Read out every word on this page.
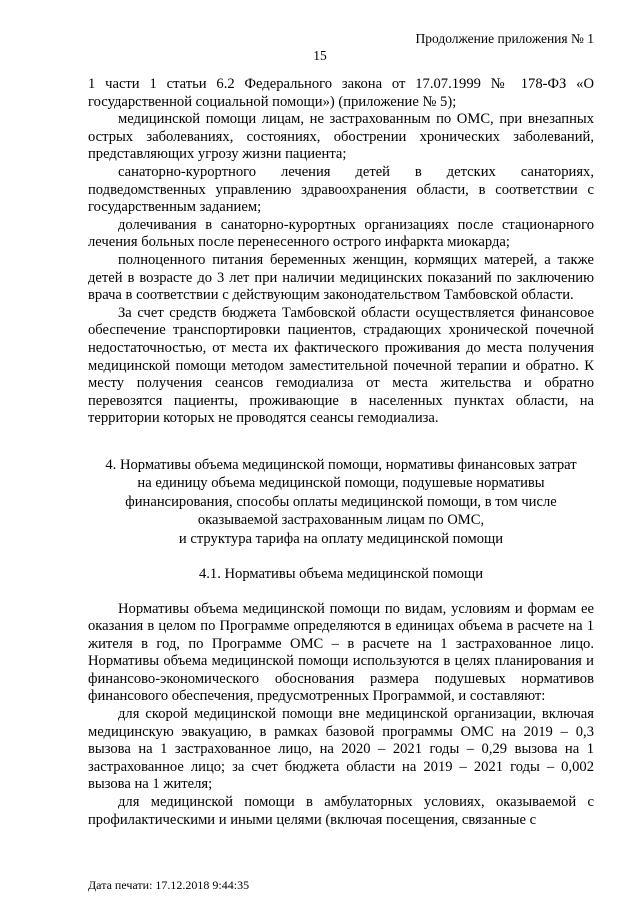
Продолжение приложения № 1
15

1 части 1 статьи 6.2 Федерального закона от 17.07.1999 № 178-ФЗ «О государственной социальной помощи») (приложение № 5);

медицинской помощи лицам, не застрахованным по ОМС, при внезапных острых заболеваниях, состояниях, обострении хронических заболеваний, представляющих угрозу жизни пациента;

санаторно-курортного лечения детей в детских санаториях, подведомственных управлению здравоохранения области, в соответствии с государственным заданием;

долечивания в санаторно-курортных организациях после стационарного лечения больных после перенесенного острого инфаркта миокарда;

полноценного питания беременных женщин, кормящих матерей, а также детей в возрасте до 3 лет при наличии медицинских показаний по заключению врача в соответствии с действующим законодательством Тамбовской области.

За счет средств бюджета Тамбовской области осуществляется финансовое обеспечение транспортировки пациентов, страдающих хронической почечной недостаточностью, от места их фактического проживания до места получения медицинской помощи методом заместительной почечной терапии и обратно. К месту получения сеансов гемодиализа от места жительства и обратно перевозятся пациенты, проживающие в населенных пунктах области, на территории которых не проводятся сеансы гемодиализа.

4. Нормативы объема медицинской помощи, нормативы финансовых затрат
на единицу объема медицинской помощи, подушевые нормативы
финансирования, способы оплаты медицинской помощи, в том числе
оказываемой застрахованным лицам по ОМС,
и структура тарифа на оплату медицинской помощи

4.1. Нормативы объема медицинской помощи

Нормативы объема медицинской помощи по видам, условиям и формам ее оказания в целом по Программе определяются в единицах объема в расчете на 1 жителя в год, по Программе ОМС – в расчете на 1 застрахованное лицо. Нормативы объема медицинской помощи используются в целях планирования и финансово-экономического обоснования размера подушевых нормативов финансового обеспечения, предусмотренных Программой, и составляют:

для скорой медицинской помощи вне медицинской организации, включая медицинскую эвакуацию, в рамках базовой программы ОМС на 2019 – 0,3 вызова на 1 застрахованное лицо, на 2020 – 2021 годы – 0,29 вызова на 1 застрахованное лицо; за счет бюджета области на 2019 – 2021 годы – 0,002 вызова на 1 жителя;

для медицинской помощи в амбулаторных условиях, оказываемой с профилактическими и иными целями (включая посещения, связанные с

Дата печати: 17.12.2018 9:44:35
